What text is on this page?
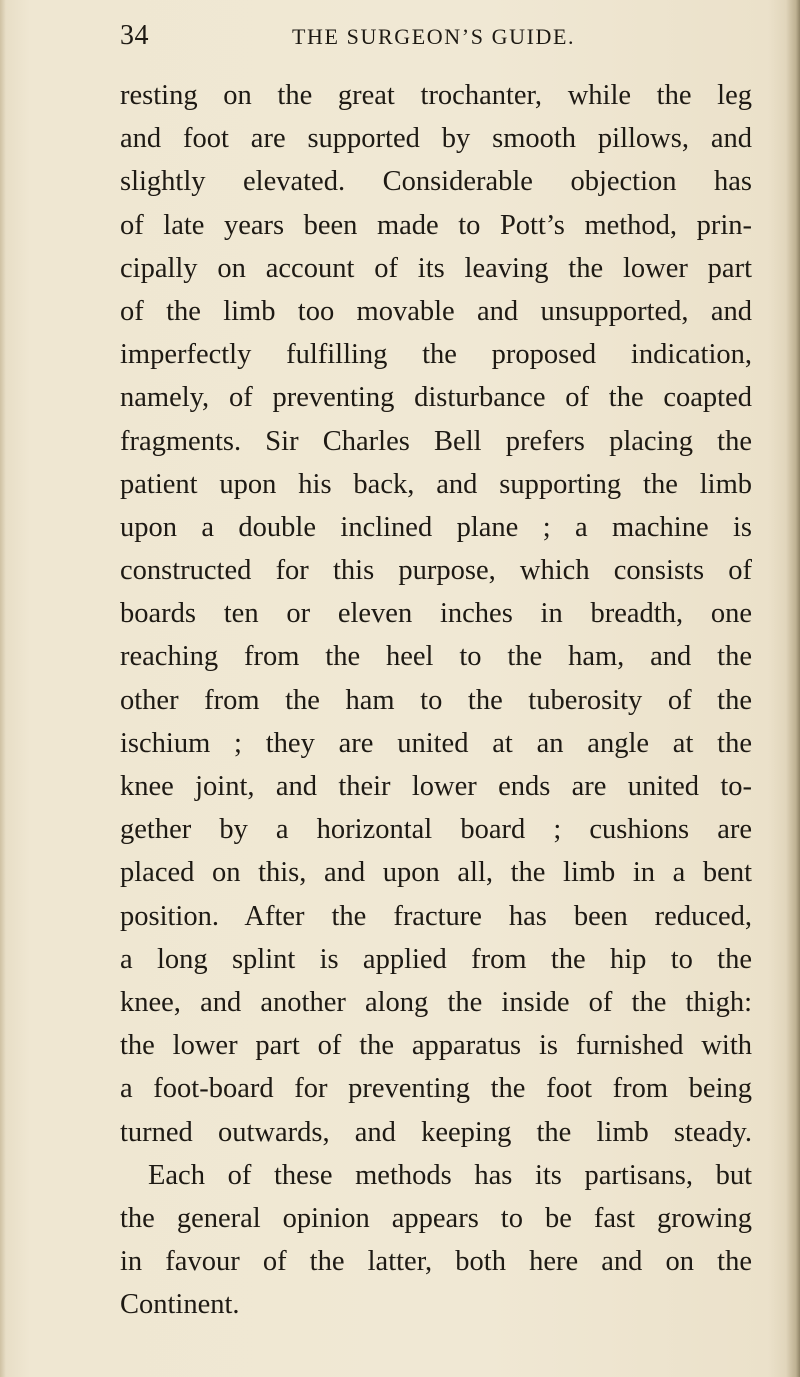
34	THE SURGEON’S GUIDE.
resting on the great trochanter, while the leg
and foot are supported by smooth pillows, and
slightly elevated. Considerable objection has
of late years been made to Pott’s method, prin-
cipally on account of its leaving the lower part
of the limb too movable and unsupported, and
imperfectly fulfilling the proposed indication,
namely, of preventing disturbance of the coapted
fragments. Sir Charles Bell prefers placing the
patient upon his back, and supporting the limb
upon a double inclined plane ; a machine is
constructed for this purpose, which consists of
boards ten or eleven inches in breadth, one
reaching from the heel to the ham, and the
other from the ham to the tuberosity of the
ischium ; they are united at an angle at the
knee joint, and their lower ends are united to-
gether by a horizontal board ; cushions are
placed on this, and upon all, the limb in a bent
position. After the fracture has been reduced,
a long splint is applied from the hip to the
knee, and another along the inside of the thigh:
the lower part of the apparatus is furnished with
a foot-board for preventing the foot from being
turned outwards, and keeping the limb steady.
Each of these methods has its partisans, but
the general opinion appears to be fast growing
in favour of the latter, both here and on the
Continent.
